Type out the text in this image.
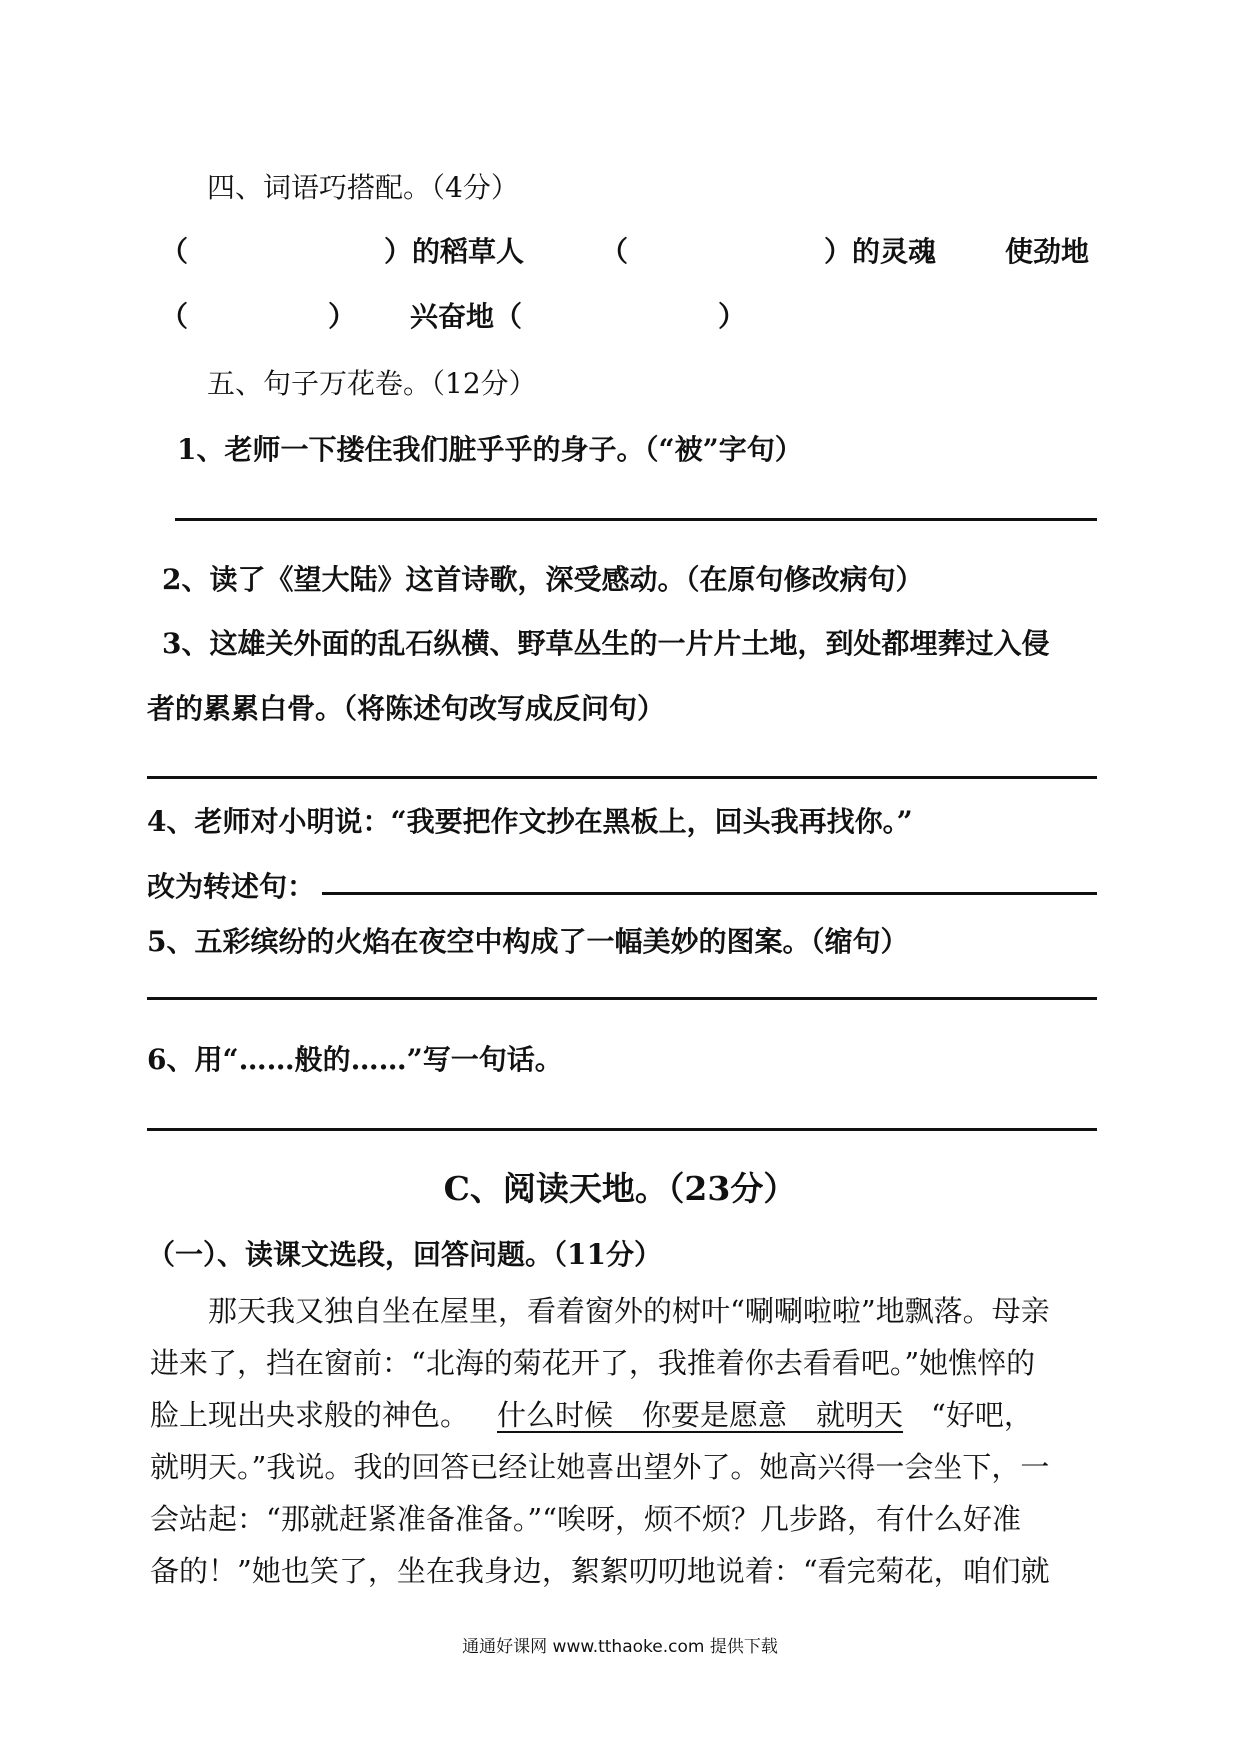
四、词语巧搭配。（4分）
（　　　　　　　）的稻草人	（　　　　　　　）的灵魂 使劲地
（　　　　　） 兴奋地（　　　　　　　）
五、句子万花卷。（12分）
1、老师一下搂住我们脏乎乎的身子。（“被”字句）
2、读了《望大陆》这首诗歌，深受感动。（在原句修改病句）
3、这雄关外面的乱石纵横、野草丛生的一片片土地，到处都埋葬过入侵
者的累累白骨。（将陈述句改写成反问句）
4、老师对小明说：“我要把作文抄在黑板上，回头我再找你。”
改为转述句：
5、五彩缤纷的火焰在夜空中构成了一幅美妙的图案。（缩句）
6、用“……般的……”写一句话。
C、阅读天地。（23分）
（一）、读课文选段，回答问题。（11分）
那天我又独自坐在屋里，看着窗外的树叶“唰唰啦啦”地飘落。母亲
进来了，挡在窗前：“北海的菊花开了，我推着你去看看吧。”她憔悴的
脸上现出央求般的神色。 什么时候　你要是愿意　就明天 “好吧，
就明天。”我说。我的回答已经让她喜出望外了。她高兴得一会坐下，一
会站起：“那就赶紧准备准备。”“唉呀，烦不烦？几步路，有什么好准
备的！”她也笑了，坐在我身边，絮絮叨叨地说着：“看完菊花，咱们就
通通好课网 www.tthaoke.com 提供下载
